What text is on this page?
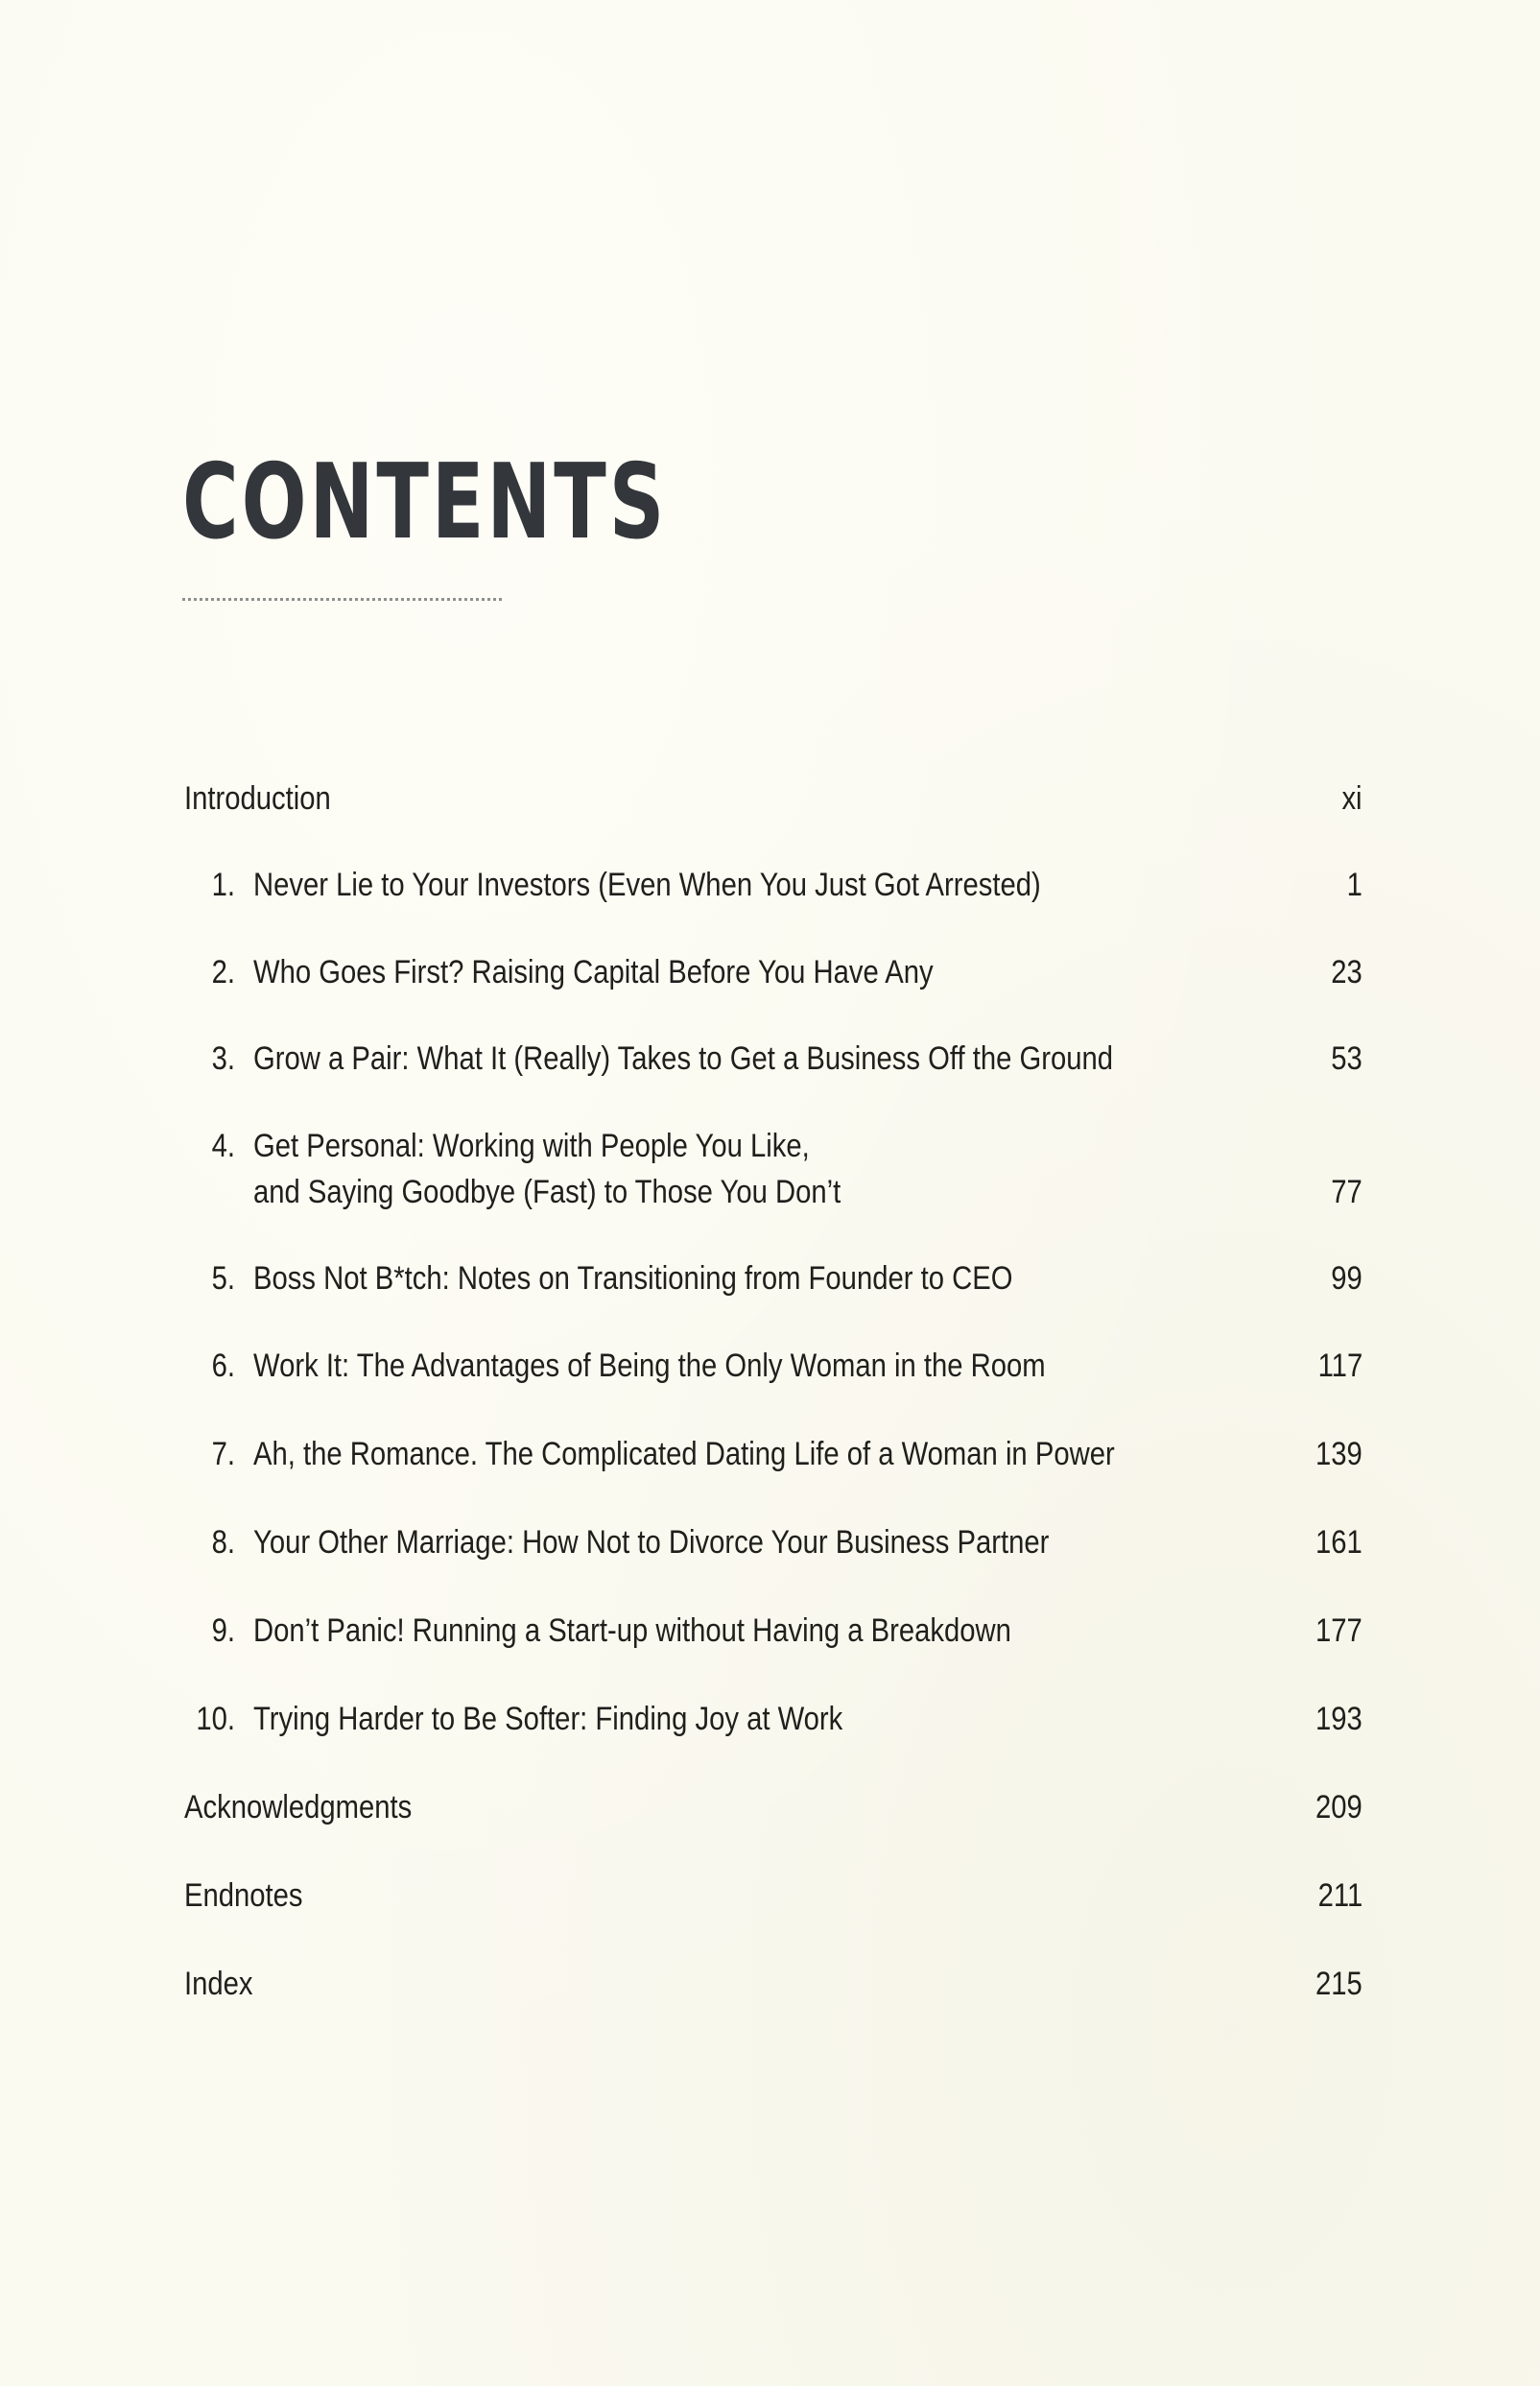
CONTENTS
Introduction	xi
1. Never Lie to Your Investors (Even When You Just Got Arrested)	1
2. Who Goes First? Raising Capital Before You Have Any	23
3. Grow a Pair: What It (Really) Takes to Get a Business Off the Ground	53
4. Get Personal: Working with People You Like,
and Saying Goodbye (Fast) to Those You Don’t	77
5. Boss Not B*tch: Notes on Transitioning from Founder to CEO	99
6. Work It: The Advantages of Being the Only Woman in the Room	117
7. Ah, the Romance. The Complicated Dating Life of a Woman in Power	139
8. Your Other Marriage: How Not to Divorce Your Business Partner	161
9. Don’t Panic! Running a Start-up without Having a Breakdown	177
10. Trying Harder to Be Softer: Finding Joy at Work	193
Acknowledgments	209
Endnotes	211
Index	215
